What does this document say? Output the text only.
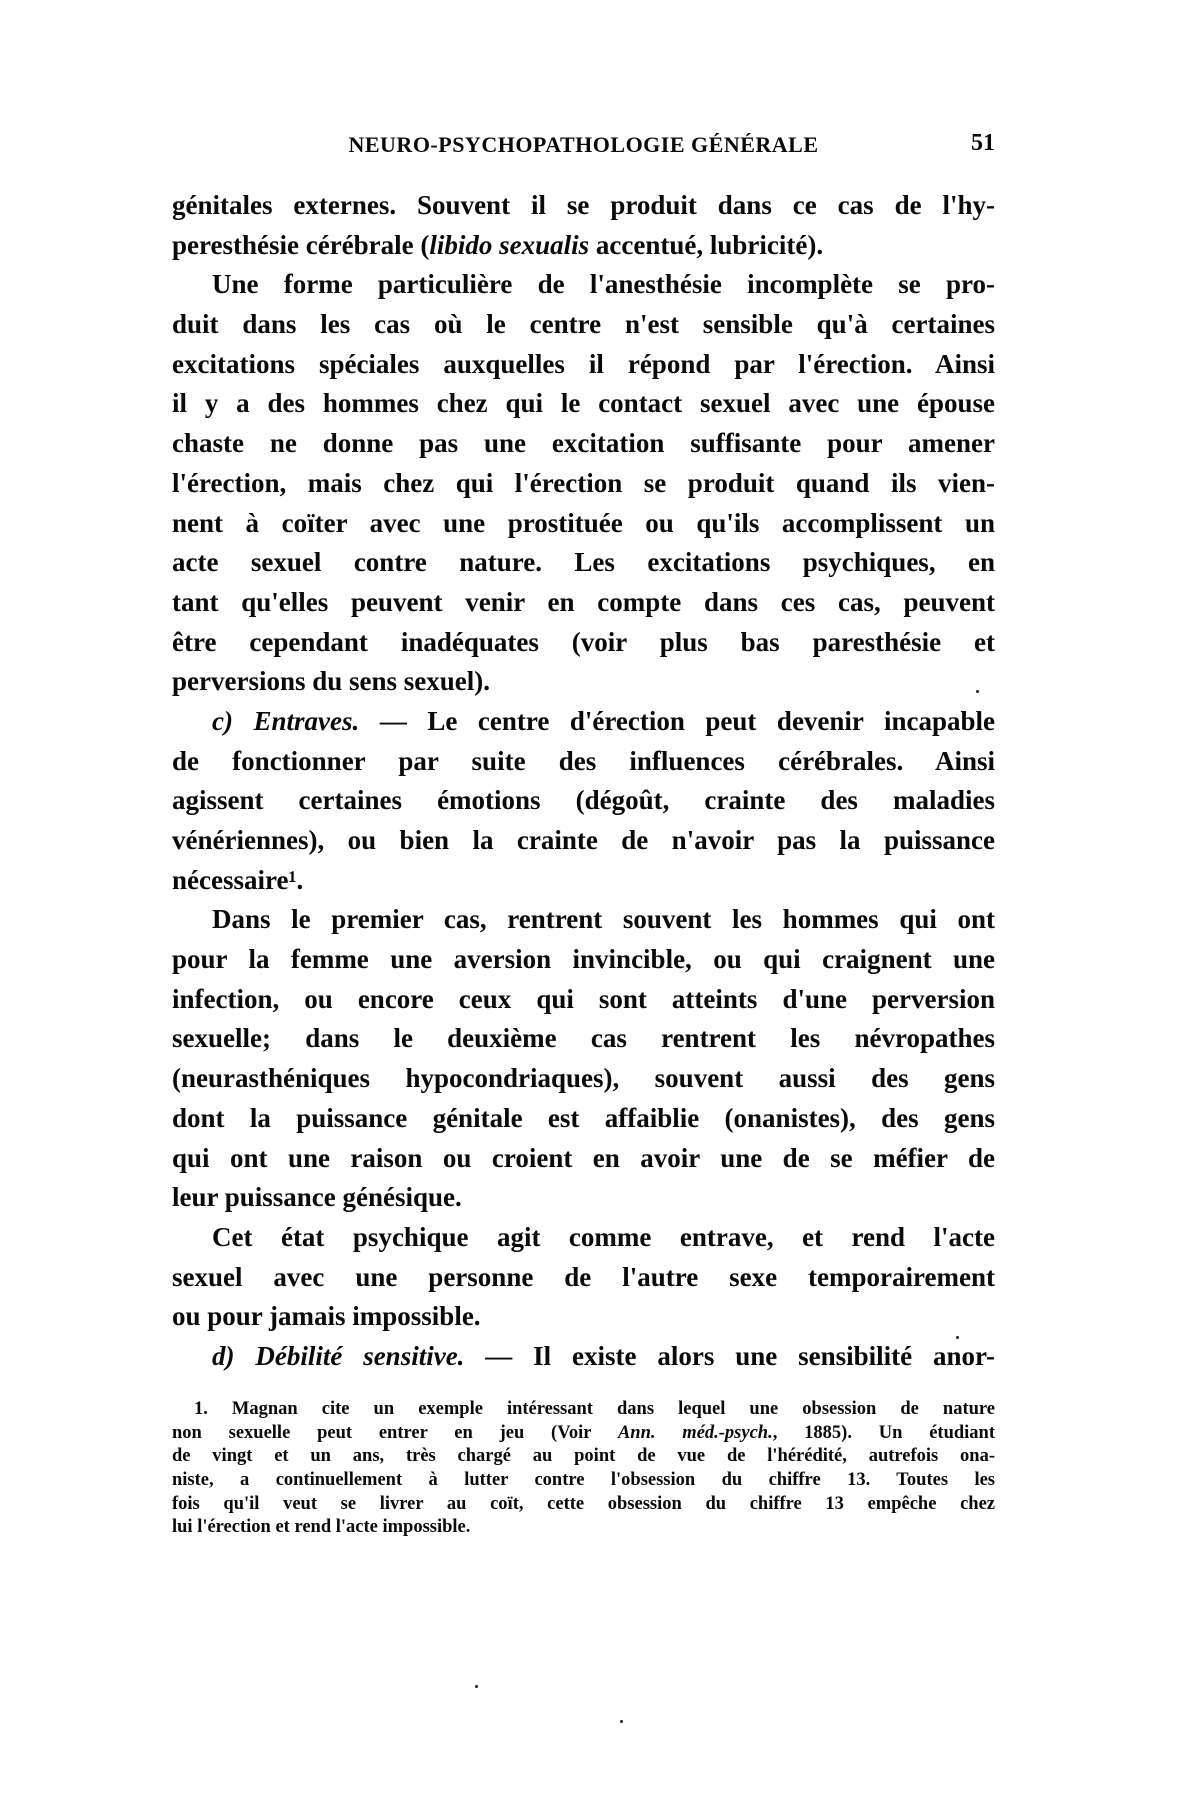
NEURO-PSYCHOPATHOLOGIE GÉNÉRALE	51
génitales externes. Souvent il se produit dans ce cas de l'hy-
peresthésie cérébrale (libido sexualis accentué, lubricité).
Une forme particulière de l'anesthésie incomplète se pro-
duit dans les cas où le centre n'est sensible qu'à certaines
excitations spéciales auxquelles il répond par l'érection. Ainsi
il y a des hommes chez qui le contact sexuel avec une épouse
chaste ne donne pas une excitation suffisante pour amener
l'érection, mais chez qui l'érection se produit quand ils vien-
nent à coïter avec une prostituée ou qu'ils accomplissent un
acte sexuel contre nature. Les excitations psychiques, en
tant qu'elles peuvent venir en compte dans ces cas, peuvent
être cependant inadéquates (voir plus bas paresthésie et
perversions du sens sexuel).
c) Entraves. — Le centre d'érection peut devenir incapable
de fonctionner par suite des influences cérébrales. Ainsi
agissent certaines émotions (dégoût, crainte des maladies
vénériennes), ou bien la crainte de n'avoir pas la puissance
nécessaire¹.
Dans le premier cas, rentrent souvent les hommes qui ont
pour la femme une aversion invincible, ou qui craignent une
infection, ou encore ceux qui sont atteints d'une perversion
sexuelle; dans le deuxième cas rentrent les névropathes
(neurasthéniques hypocondriaques), souvent aussi des gens
dont la puissance génitale est affaiblie (onanistes), des gens
qui ont une raison ou croient en avoir une de se méfier de
leur puissance génésique.
Cet état psychique agit comme entrave, et rend l'acte
sexuel avec une personne de l'autre sexe temporairement
ou pour jamais impossible.
d) Débilité sensitive. — Il existe alors une sensibilité anor-
1. Magnan cite un exemple intéressant dans lequel une obsession de nature
non sexuelle peut entrer en jeu (Voir Ann. méd.-psych., 1885). Un étudiant
de vingt et un ans, très chargé au point de vue de l'hérédité, autrefois ona-
niste, a continuellement à lutter contre l'obsession du chiffre 13. Toutes les
fois qu'il veut se livrer au coït, cette obsession du chiffre 13 empêche chez
lui l'érection et rend l'acte impossible.
